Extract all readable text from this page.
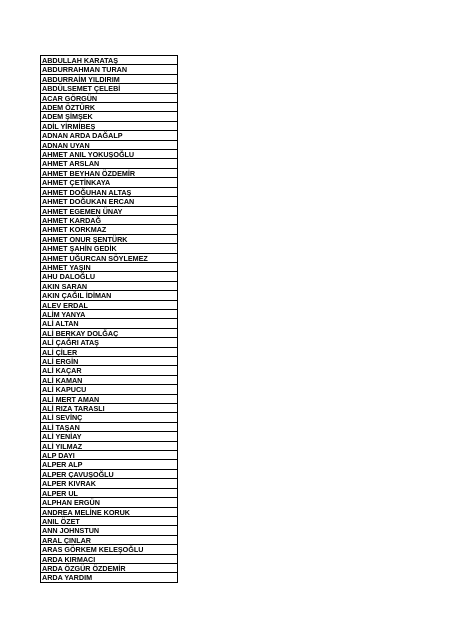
ABDULLAH KARATAŞ
ABDURRAHMAN TURAN
ABDURRAİM YILDIRIM
ABDÜLSEMET ÇELEBİ
ACAR GÖRGÜN
ADEM ÖZTÜRK
ADEM ŞİMŞEK
ADİL YİRMİBEŞ
ADNAN ARDA DAĞALP
ADNAN UYAN
AHMET ANIL YOKUŞOĞLU
AHMET ARSLAN
AHMET BEYHAN ÖZDEMİR
AHMET ÇETİNKAYA
AHMET DOĞUHAN ALTAŞ
AHMET DOĞUKAN ERCAN
AHMET EGEMEN ÜNAY
AHMET KARDAĞ
AHMET KORKMAZ
AHMET ONUR ŞENTÜRK
AHMET ŞAHİN GEDİK
AHMET UĞURCAN SÖYLEMEZ
AHMET YAŞIN
AHU DALOĞLU
AKIN SARAN
AKIN ÇAĞIL İDİMAN
ALEV ERDAL
ALİM YANYA
ALİ ALTAN
ALİ BERKAY DOLĞAÇ
ALİ ÇAĞRI ATAŞ
ALİ ÇİLER
ALİ ERGİN
ALİ KAÇAR
ALİ KAMAN
ALİ KAPUCU
ALİ MERT AMAN
ALİ RIZA TARASLI
ALİ SEVİNÇ
ALİ TAŞAN
ALİ YENİAY
ALİ YILMAZ
ALP DAYI
ALPER ALP
ALPER ÇAVUŞOĞLU
ALPER KIVRAK
ALPER UL
ALPHAN ERGÜN
ANDREA MELİNE KORUK
ANIL ÖZET
ANN JOHNSTUN
ARAL ÇINLAR
ARAS GÖRKEM KELEŞOĞLU
ARDA KIRMACI
ARDA ÖZGÜR ÖZDEMİR
ARDA YARDIM
